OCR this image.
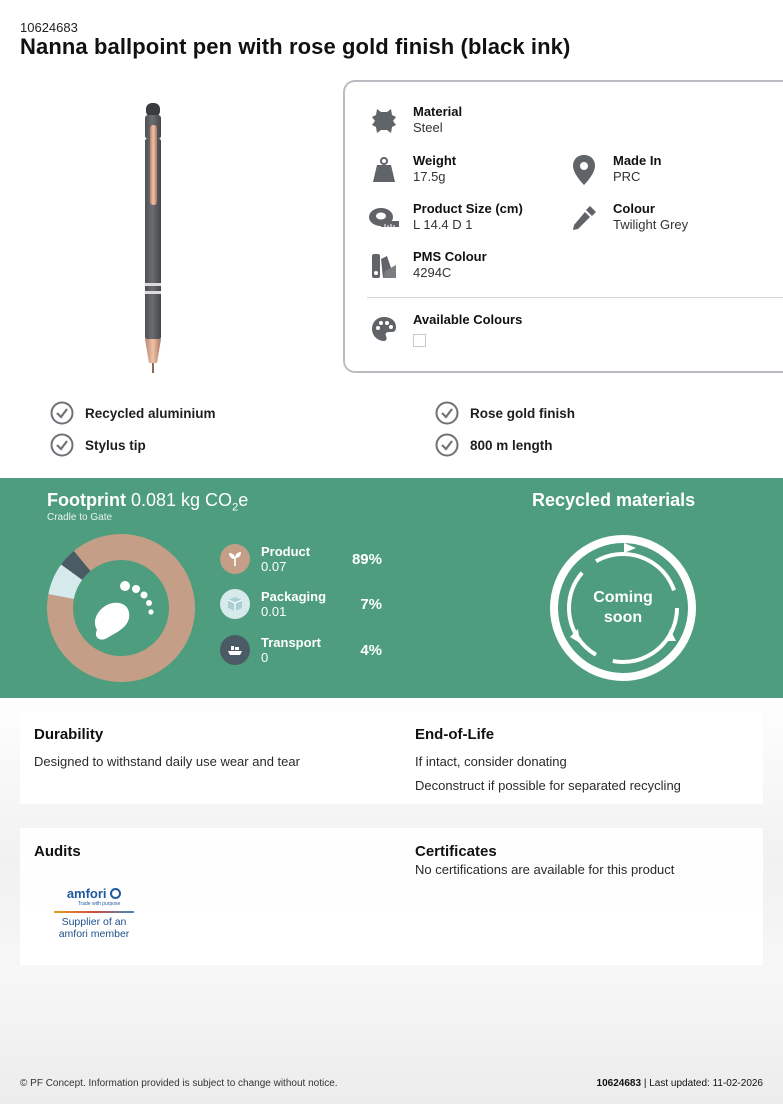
10624683
Nanna ballpoint pen with rose gold finish (black ink)
Material
Steel
Weight
17.5g
Made In
PRC
Product Size (cm)
L 14.4 D 1
Colour
Twilight Grey
PMS Colour
4294C
Available Colours
Recycled aluminium	Rose gold finish
Stylus tip	800 m length
Footprint 0.081 kg $CO_2e$
Cradle to Gate
Product
0.07	89%
Packaging
0.01	7%
Transport
0	4%
Recycled materials
Coming
soon
Durability

Designed to withstand daily use wear and tear

End-of-Life

If intact, consider donating

Deconstruct if possible for separated recycling

Audits
amfori
Trade with purpose
Supplier of an
amfori member
Certificates

No certifications are available for this product

© PF Concept. Information provided is subject to change without notice.	10624683 | Last updated: 11-02-2026
